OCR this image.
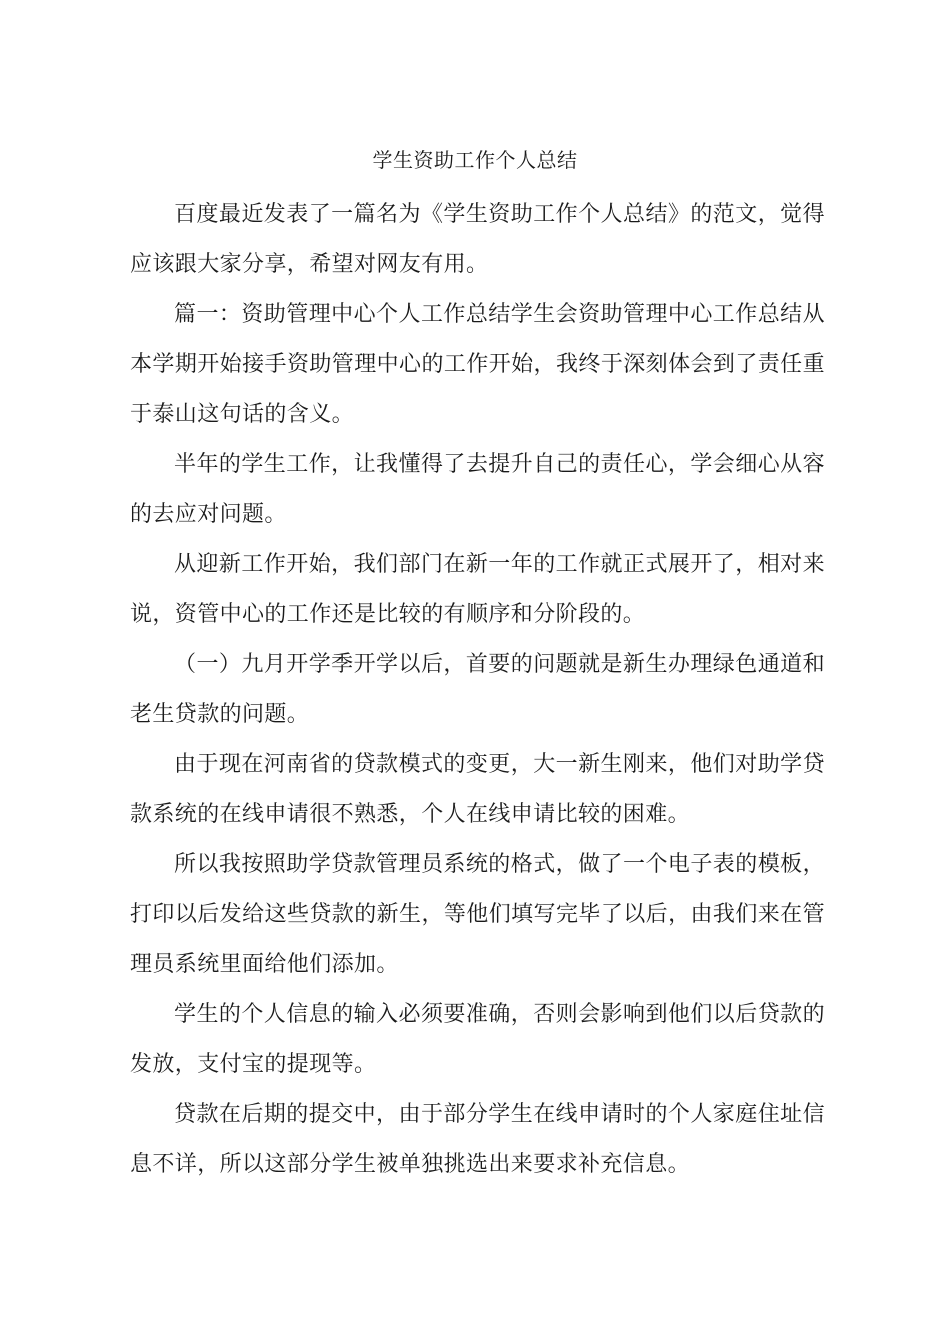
学生资助工作个人总结

百度最近发表了一篇名为《学生资助工作个人总结》的范文，觉得应该跟大家分享，希望对网友有用。

篇一：资助管理中心个人工作总结学生会资助管理中心工作总结从本学期开始接手资助管理中心的工作开始，我终于深刻体会到了责任重于泰山这句话的含义。

半年的学生工作，让我懂得了去提升自己的责任心，学会细心从容的去应对问题。

从迎新工作开始，我们部门在新一年的工作就正式展开了，相对来说，资管中心的工作还是比较的有顺序和分阶段的。

（一）九月开学季开学以后，首要的问题就是新生办理绿色通道和老生贷款的问题。

由于现在河南省的贷款模式的变更，大一新生刚来，他们对助学贷款系统的在线申请很不熟悉，个人在线申请比较的困难。

所以我按照助学贷款管理员系统的格式，做了一个电子表的模板，打印以后发给这些贷款的新生，等他们填写完毕了以后，由我们来在管理员系统里面给他们添加。

学生的个人信息的输入必须要准确，否则会影响到他们以后贷款的发放，支付宝的提现等。

贷款在后期的提交中，由于部分学生在线申请时的个人家庭住址信息不详，所以这部分学生被单独挑选出来要求补充信息。
